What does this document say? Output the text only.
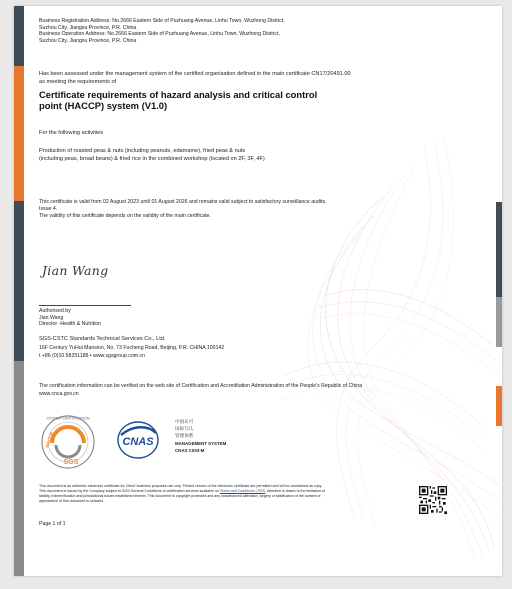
Business Registration Address: No.2666 Eastern Side of Puzhuang Avenue, Linhu Town, Wuzhong District,

Suzhou City, Jiangsu Province, P.R. China

Business Operation Address: No.2666 Eastern Side of Puzhuang Avenue, Linhu Town, Wuzhong District,

Suzhou City, Jiangsu Province, P.R. China

Has been assessed under the management system of the certified organisation defined in the main certificate CN17/20491.00

as meeting the requirements of

Certificate requirements of hazard analysis and critical control

point (HACCP) system (V1.0)

For the following activities

Production of roasted peas & nuts (including peanuts, edamame), fried peas & nuts

(including peas, broad beans) & fried rice in the combined workshop (located on 2F, 3F, 4F)

This certificate is valid from 02 August 2023 until 01 August 2026 and remains valid subject to satisfactory surveillance audits.

Issue 4.

The validity of this certificate depends on the validity of the main certificate.

Jian Wang

Authorised by

Jian Wang

Director -Health & Nutrition

SGS-CSTC Standards Technical Services Co., Ltd.

16F Century YuHui Mansion, No. 73 Fucheng Road, Beijing, P.R. CHINA 100142

t +86 (0)10 58251188 • www.sgsgroup.com.cn

The certification information can be verified on the web site of Certification and Accreditation Administration of the People's Republic of China

www.cnca.gov.cn

SYSTEM CERTIFICATION
HACCP
SGS
CNAS
中国认可
国际互认
管理体系
MANAGEMENT SYSTEM
CNAS C033-M

This document is an authentic electronic certificate for Client' business purposes use only. Printed version of the electronic certificate are permitted and will be considered as copy.

This document is issued by the Company subject to SGS General Conditions of certification services available on Terms and Conditions | SGS. Attention is drawn to the limitation of

liability, indemnification and jurisdictional issues established therein. This document is copyright protected and any unauthorized alteration, forgery or falsification of the content or

appearance of this document is unlawful.

Page 1 of 1
